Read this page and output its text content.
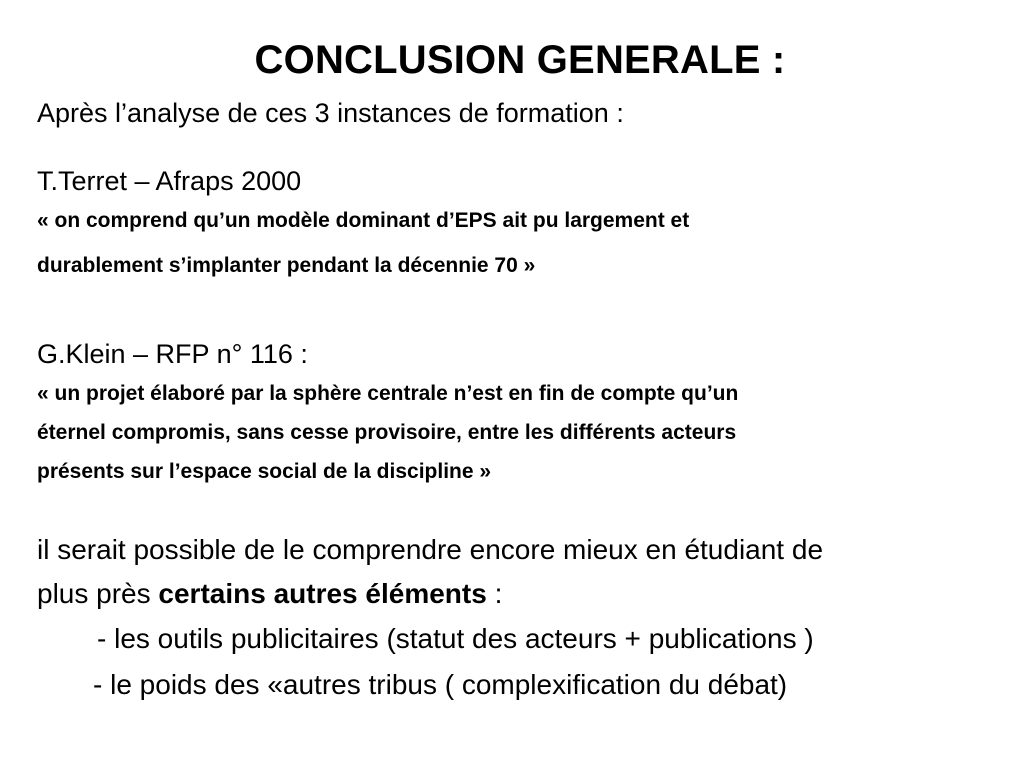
CONCLUSION GENERALE :
Après l’analyse de ces 3 instances de formation :
T.Terret – Afraps 2000
« on comprend qu’un modèle dominant d’EPS ait pu largement et
durablement s’implanter pendant la décennie 70 »
G.Klein – RFP n° 116 :
« un projet élaboré par la sphère centrale n’est en fin de compte qu’un
éternel compromis, sans cesse provisoire, entre les différents acteurs
présents sur l’espace social de la discipline »
il serait possible de le comprendre encore mieux en étudiant de
plus près certains autres éléments :
- les outils publicitaires (statut des acteurs + publications )
- le poids des «autres tribus ( complexification du débat)
